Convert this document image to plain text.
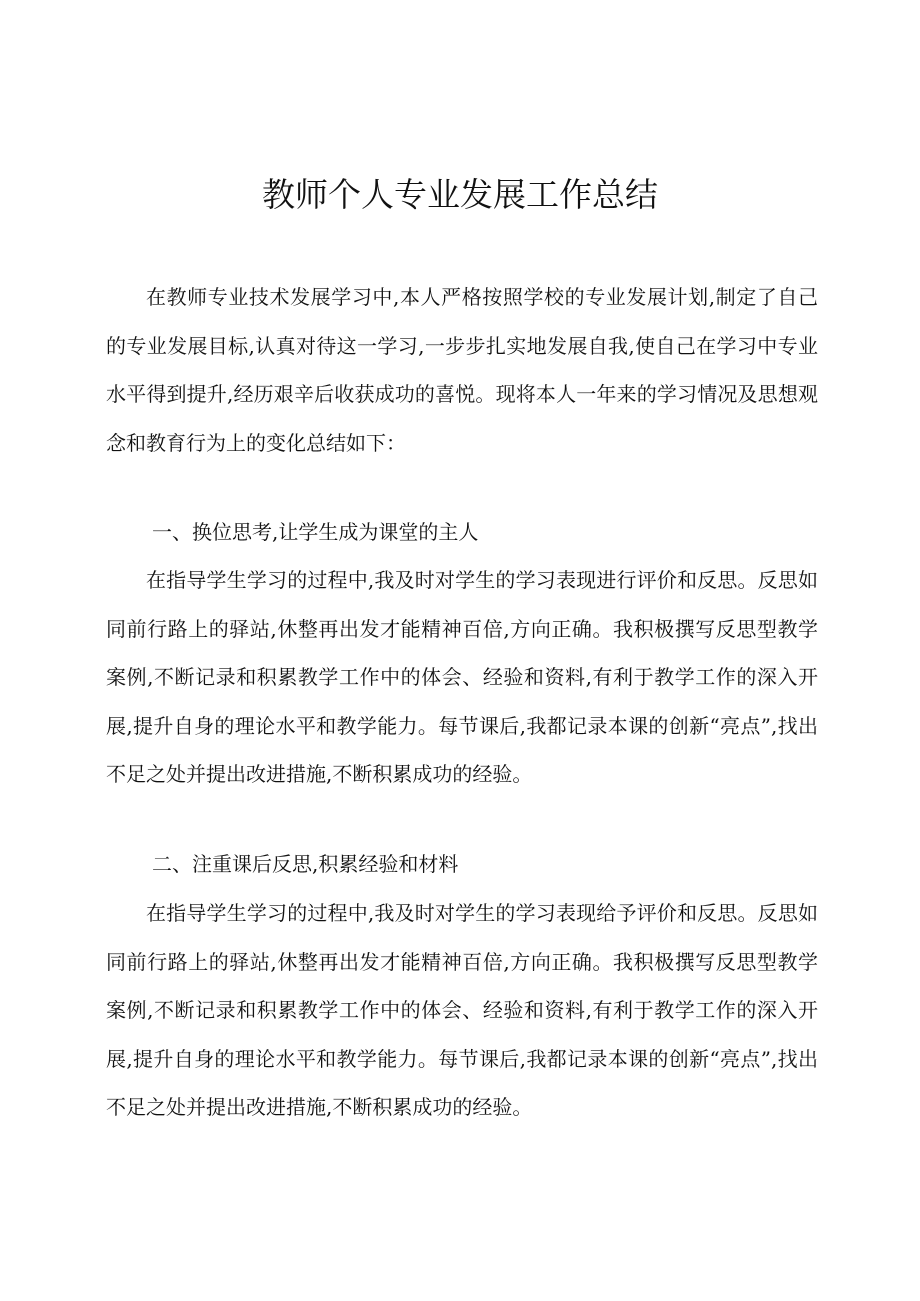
教师个人专业发展工作总结

在教师专业技术发展学习中,本人严格按照学校的专业发展计划,制定了自己的专业发展目标,认真对待这一学习,一步步扎实地发展自我,使自己在学习中专业水平得到提升,经历艰辛后收获成功的喜悦。现将本人一年来的学习情况及思想观念和教育行为上的变化总结如下：

一、换位思考,让学生成为课堂的主人

在指导学生学习的过程中,我及时对学生的学习表现进行评价和反思。反思如同前行路上的驿站,休整再出发才能精神百倍,方向正确。我积极撰写反思型教学案例,不断记录和积累教学工作中的体会、经验和资料,有利于教学工作的深入开展,提升自身的理论水平和教学能力。每节课后,我都记录本课的创新“亮点”,找出不足之处并提出改进措施,不断积累成功的经验。

二、注重课后反思,积累经验和材料

在指导学生学习的过程中,我及时对学生的学习表现给予评价和反思。反思如同前行路上的驿站,休整再出发才能精神百倍,方向正确。我积极撰写反思型教学案例,不断记录和积累教学工作中的体会、经验和资料,有利于教学工作的深入开展,提升自身的理论水平和教学能力。每节课后,我都记录本课的创新“亮点”,找出不足之处并提出改进措施,不断积累成功的经验。
